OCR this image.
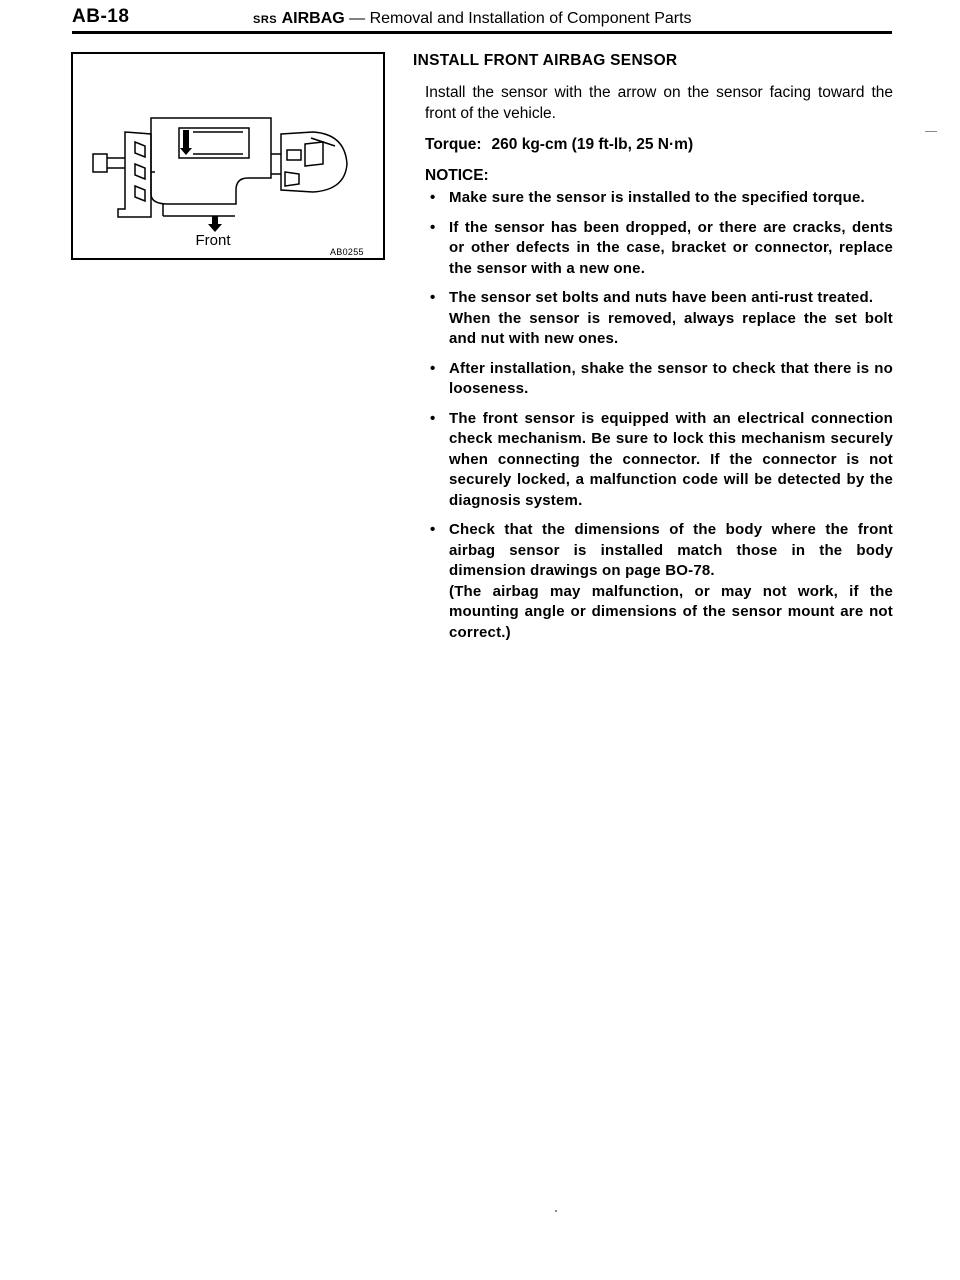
AB-18	SRS AIRBAG — Removal and Installation of Component Parts
Front
AB0255
INSTALL FRONT AIRBAG SENSOR
Install the sensor with the arrow on the sensor facing toward the front of the vehicle.
Torque: 260 kg-cm (19 ft-lb, 25 N·m)
NOTICE:
• Make sure the sensor is installed to the specified torque.
• If the sensor has been dropped, or there are cracks, dents or other defects in the case, bracket or connector, replace the sensor with a new one.
• The sensor set bolts and nuts have been anti-rust treated.
When the sensor is removed, always replace the set bolt and nut with new ones.
• After installation, shake the sensor to check that there is no looseness.
• The front sensor is equipped with an electrical connection check mechanism. Be sure to lock this mechanism securely when connecting the connector. If the connector is not securely locked, a malfunction code will be detected by the diagnosis system.
• Check that the dimensions of the body where the front airbag sensor is installed match those in the body dimension drawings on page BO-78.
(The airbag may malfunction, or may not work, if the mounting angle or dimensions of the sensor mount are not correct.)
